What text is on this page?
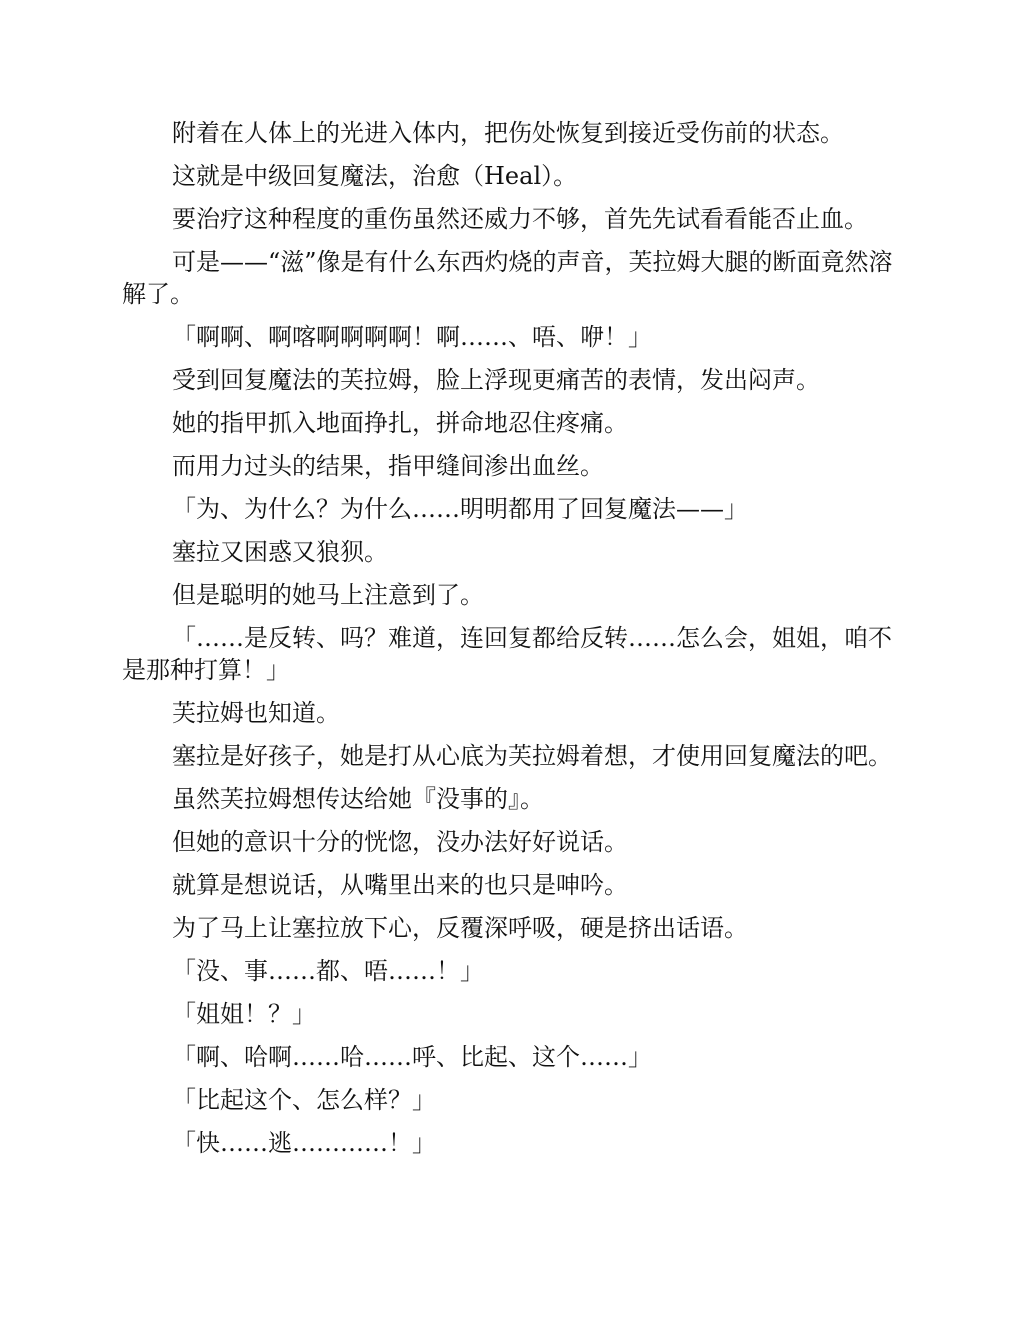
附着在人体上的光进入体内，把伤处恢复到接近受伤前的状态。

这就是中级回复魔法，治愈（Heal）。

要治疗这种程度的重伤虽然还威力不够，首先先试看看能否止血。

可是——“滋”像是有什么东西灼烧的声音，芙拉姆大腿的断面竟然溶解了。

「啊啊、啊喀啊啊啊啊！啊……、唔、咿！」

受到回复魔法的芙拉姆，脸上浮现更痛苦的表情，发出闷声。

她的指甲抓入地面挣扎，拼命地忍住疼痛。

而用力过头的结果，指甲缝间渗出血丝。

「为、为什么？为什么……明明都用了回复魔法——」

塞拉又困惑又狼狈。

但是聪明的她马上注意到了。

「……是反转、吗？难道，连回复都给反转……怎么会，姐姐，咱不是那种打算！」

芙拉姆也知道。

塞拉是好孩子，她是打从心底为芙拉姆着想，才使用回复魔法的吧。

虽然芙拉姆想传达给她『没事的』。

但她的意识十分的恍惚，没办法好好说话。

就算是想说话，从嘴里出来的也只是呻吟。

为了马上让塞拉放下心，反覆深呼吸，硬是挤出话语。

「没、事……都、唔……！」

「姐姐！？」

「啊、哈啊……哈……呼、比起、这个……」

「比起这个、怎么样？」

「快……逃…………！」
